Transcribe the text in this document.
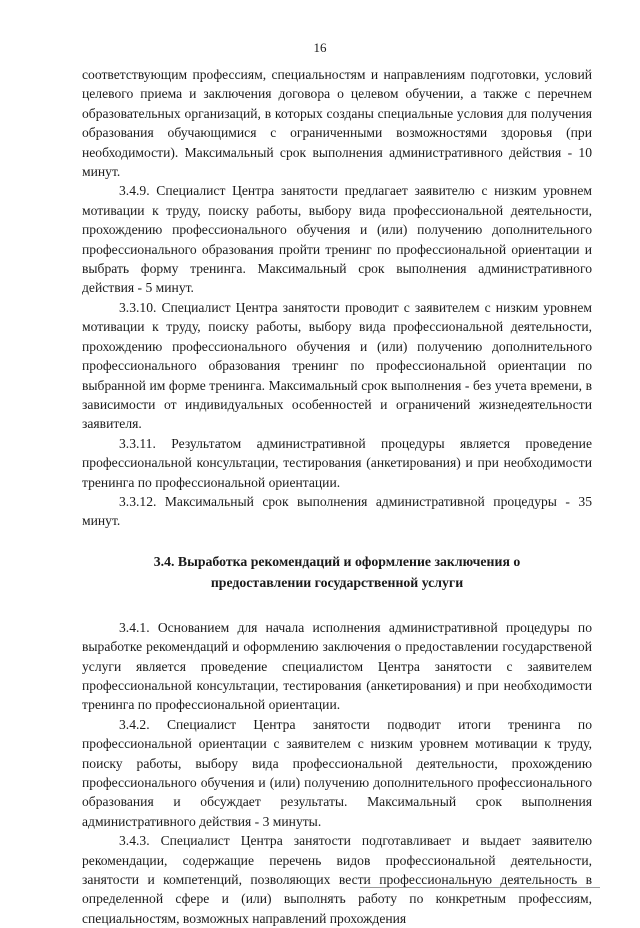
16

соответствующим профессиям, специальностям и направлениям подготовки, условий целевого приема и заключения договора о целевом обучении, а также с перечнем образовательных организаций, в которых созданы специальные условия для получения образования обучающимися с ограниченными возможностями здоровья (при необходимости). Максимальный срок выполнения административного действия - 10 минут.

3.4.9. Специалист Центра занятости предлагает заявителю с низким уровнем мотивации к труду, поиску работы, выбору вида профессиональной деятельности, прохождению профессионального обучения и (или) получению дополнительного профессионального образования пройти тренинг по профессиональной ориентации и выбрать форму тренинга. Максимальный срок выполнения административного действия - 5 минут.

3.3.10. Специалист Центра занятости проводит с заявителем с низким уровнем мотивации к труду, поиску работы, выбору вида профессиональной деятельности, прохождению профессионального обучения и (или) получению дополнительного профессионального образования тренинг по профессиональной ориентации по выбранной им форме тренинга. Максимальный срок выполнения - без учета времени, в зависимости от индивидуальных особенностей и ограничений жизнедеятельности заявителя.

3.3.11. Результатом административной процедуры является проведение профессиональной консультации, тестирования (анкетирования) и при необходимости тренинга по профессиональной ориентации.

3.3.12. Максимальный срок выполнения административной процедуры - 35 минут.

3.4. Выработка рекомендаций и оформление заключения о предоставлении государственной услуги

3.4.1. Основанием для начала исполнения административной процедуры по выработке рекомендаций и оформлению заключения о предоставлении государственой услуги является проведение специалистом Центра занятости с заявителем профессиональной консультации, тестирования (анкетирования) и при необходимости тренинга по профессиональной ориентации.

3.4.2. Специалист Центра занятости подводит итоги тренинга по профессиональной ориентации с заявителем с низким уровнем мотивации к труду, поиску работы, выбору вида профессиональной деятельности, прохождению профессионального обучения и (или) получению дополнительного профессионального образования и обсуждает результаты. Максимальный срок выполнения административного действия - 3 минуты.

3.4.3. Специалист Центра занятости подготавливает и выдает заявителю рекомендации, содержащие перечень видов профессиональной деятельности, занятости и компетенций, позволяющих вести профессиональную деятельность в определенной сфере и (или) выполнять работу по конкретным профессиям, специальностям, возможных направлений прохождения
